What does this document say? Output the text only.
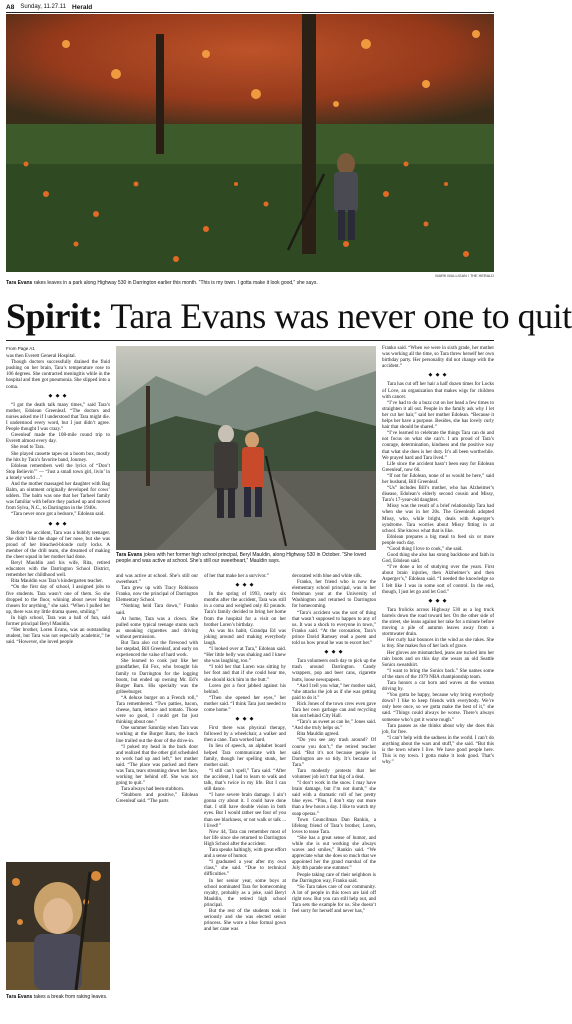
A8 Sunday, 11.27.11 Herald
MARK MULLIGAN / THE HERALD
Tara Evans rakes leaves in a park along Highway 530 in Darrington earlier this month. “This is my town. I gotta make it look good,” she says.
Spirit: Tara Evans was never one to quit

From Page A1

was then Everett General Hospital.

Though doctors successfully drained the fluid pushing on her brain, Tara’s temperature rose to 106 degrees. She contracted meningitis while in the hospital and then got pneumonia. She slipped into a coma.

◆ ◆ ◆

“I got the death talk many times,” said Tara’s mother, Edolean Greenleaf. “The doctors and nurses asked me if I understood that Tara might die. I understood every word, but I just didn’t agree. People thought I was crazy.”

Greenleaf made the 108-mile round trip to Everett almost every day.

She read to Tara.

She played cassette tapes on a boom box, mostly the hits by Tara’s favorite band, Journey.

Edolean remembers well the lyrics of “Don’t Stop Believin’” — “Just a small town girl, livin’ in a lonely world ...”

And the mother massaged her daughter with Bag Balm, an ointment originally developed for cows’ udders. The balm was one that her Tarheel family was familiar with before they packed up and moved from Sylva, N.C., to Darrington in the 1940s.

“Tara never once got a bedsore,” Edolean said.

◆ ◆ ◆

Before the accident, Tara was a bubbly teenager. She didn’t like the shape of her nose, but she was proud of her bleached-blonde curly locks. A member of the drill team, she dreamed of making the cheer squad in her mother had done.

Beryl Mauldin and his wife, Rita, retired educators with the Darrington School District, remember her childhood well.

Rita Mauldin was Tara’s kindergarten teacher.

“On the first day of school, I assigned jobs to five students. Tara wasn’t one of them. So she dropped to the floor, whining about never being chosen for anything,” she said. “When I pulled her up, there was my little drama queen, smiling.”

In high school, Tara was a ball of fun, said former principal Beryl Mauldin.

“Her brother, Loren Evans, was an outstanding student, but Tara was not especially academic,” he said. “However, she loved people

Tara Evans jokes with her former high school principal, Beryl Mauldin, along Highway 530 in October. “She loved people and was active at school. She’s still our sweetheart,” Mauldin says.

and was active at school. She’s still our sweetheart.”

Tara grew up with Tracy Robinson Franko, now the principal of Darrington Elementary School.

“Nothing held Tara down,” Franko said.

At home, Tara was a clown. She pulled some typical teenage stunts such as sneaking cigarettes and driving without permission.

But Tara also cut the firewood with her stepdad, Bill Greenleaf, and early on experienced the value of hard work.

She learned to cook just like her grandfather, Ed Fox, who brought his family to Darrington for the logging boom, but ended up owning Mr. Ed’s Burger Barn. His specialty was the gribeeburger.

“A deluxe burger on a French roll,” Tara remembered. “Two patties, bacon, cheese, ham, lettuce and tomato. Those were so good, I could get fat just thinking about one.”

One summer Saturday when Tara was working at the Burger Barn, the lunch line trailed out the door of the drive-in.

“I poked my head in the back door and realized that the other girl scheduled to work had up and left,” her mother said. “The place was packed and there was Tara, tears streaming down her face, working her behind off. She was not going to quit.”

Tara always had been stubborn.

“Stubborn and positive,” Edolean Greenleaf said. “The parts

of her that make her a survivor.”

◆ ◆ ◆

In the spring of 1993, nearly six months after the accident, Tara was still in a coma and weighed only 82 pounds. Tara’s family decided to bring her home from the hospital for a visit on her brother Loren’s birthday.

As was his habit, Grandpa Ed was joking around and making everybody laugh.

“I looked over at Tara,” Edolean said. “Her little belly was shaking and I knew she was laughing, too.”

“I told her that Loren was sitting by her foot and that if she could hear me, she should kick him in the butt.”

Loren got a foot jabbed against his behind.

“Then she opened her eyes,” her mother said. “I think Tara just needed to come home.”

◆ ◆ ◆

First there was physical therapy, followed by a wheelchair, a walker and then a cane. Tara worked hard.

In lieu of speech, an alphabet board helped Tara communicate with her family, though her spelling stunk, her mother said.

“I still can’t spell,” Tara said. “After the accident, I had to learn to walk and talk, that’s twice in my life. But I can still dance.

“I have severe brain damage. I ain’t gonna cry about it. I could have done that. I still have double vision in both eyes. But I would rather see four of you than see blackness, or not walk or talk ... I lived!”

Now 44, Tara can remember most of her life since she returned to Darrington High School after the accident.

Tara speaks haltingly, with great effort and a sense of humor.

“I graduated a year after my own class,” she said. “Due to technical difficulties.”

In her senior year, some boys at school nominated Tara for homecoming royalty, probably as a joke, said Beryl Mauldin, the retired high school principal.

But the rest of the students took it seriously and she was elected senior princess. She wore a blue formal gown and her cane was

decorated with blue and white silk.

Franko, her friend who is now the elementary school principal, was in her freshman year at the University of Washington and returned to Darrington for homecoming.

“Tara’s accident was the sort of thing that wasn’t supposed to happen to any of us. It was a shock to everyone in town,” Franko said. “At the coronation, Tara’s prince David Ramsey read a poem and told us how proud he was to escort her.”

◆ ◆ ◆

Tara volunteers each day to pick up the trash around Darrington. Candy wrappers, pop and beer cans, cigarette butts, loose newspapers.

“And I tell you what,” her mother said, “she attacks the job as if she was getting paid to do it.”

Rick Jones of the town crew even gave Tara her own garbage can and recycling bin out behind City Hall.

“Tara’s as sweet as can be,” Jones said. “And she truly helps us.”

Rita Mauldin agreed.

“Do you see any trash around? Of course you don’t,” the retired teacher said. “But it’s not because people in Darrington are so tidy. It’s because of Tara.”

Tara modestly protests that her volunteer job isn’t that big of a deal.

“I don’t work in the snow. I may have brain damage, but I’m not dumb,” she said with a dramatic roll of her pretty blue eyes. “Plus, I don’t stay out more than a few hours a day. I like to watch my soap operas.”

Town Councilman Dan Rankin, a lifelong friend of Tara’s brother, Loren, loves to tease Tara.

“She has a great sense of humor, and while she is out working she always waves and smiles,” Rankin said. “We appreciate what she does so much that we appointed her the grand marshal of the July 4th parade one summer.”

People taking care of their neighbors is the Darrington way, Franko said.

“So Tara takes care of our community. A lot of people in this town are laid off right now. But you can still help out, and Tara sets the example for us. She doesn’t feel sorry for herself and never has,”

Franko said. “When we were in sixth grade, her mother was working all the time, so Tara threw herself her own birthday party. Her personality did not change with the accident.”

◆ ◆ ◆

Tara has cut off her hair a half dozen times for Locks of Love, an organization that makes wigs for children with cancer.

“I’ve had to do a buzz cut on her head a few times to straighten it all out. People in the family ask why I let her cut her hair,” said her mother Edolean. “Because it helps her have a purpose. Besides, she has lovely curly hair that should be shared.”

“I’ve learned to celebrate the things Tara can do and not focus on what she can’t. I am proud of Tara’s courage, determination, kindness and the positive way that what she does is her duty. It’s all been worthwhile. We prayed hard and Tara lived.”

Life since the accident hasn’t been easy for Edolean Greenleaf, now 66.

“If not for Edolean, none of us would be here,” said her husband, Bill Greenleaf.

“Us” includes Bill’s mother, who has Alzheimer’s disease, Edolean’s elderly second cousin and Missy, Tara’s 17-year-old daughter.

Missy was the result of a brief relationship Tara had when she was in her 20s. The Greenleafs adopted Missy, who, while bright, deals with Asperger’s syndrome. Tara worries about Missy fitting in at school. She knows what that is like.

Edolean prepares a big meal to feed six or more people each day.

“Good thing I love to cook,” she said.

Good thing she also has strong backbone and faith in God, Edolean said.

“I’ve done a lot of studying over the years. First about brain injuries, then Alzheimer’s and then Asperger’s,” Edolean said. “I needed the knowledge so I felt like I was in some sort of control. In the end, though, I just let go and let God.”

◆ ◆ ◆

Tara frolicks across Highway 530 as a log truck barrels down the road toward her. On the other side of the street, she leans against her rake for a minute before moving a pile of autumn leaves away from a stormwater drain.

Her curly hair bounces in the wind as she rakes. She is tiny. She makes fun of her lack of grace.

Her gloves are mismatched, jeans are tucked into her rain boots and on this day she wears an old Seattle Sonics sweatshirt.

“I want to bring the Sonics back.” She names some of the stars of the 1979 NBA championship team.

Tara honors a car horn and waves at the woman driving by.

“You gotta be happy, because why bring everybody down? I like to keep friends with everybody. We’re only here once, so we gotta make the best of it,” she said. “Things could always be worse. There’s always someone who’s got it worse rough.”

Tara pauses as she thinks about why she does this job, for free.

“I can’t help with the sadness in the world. I can’t do anything about the wars and stuff,” she said. “But this is the town where I live. We have good people here. This is my town. I gotta make it look good. That’s why.”

Tara Evans takes a break from raking leaves.
